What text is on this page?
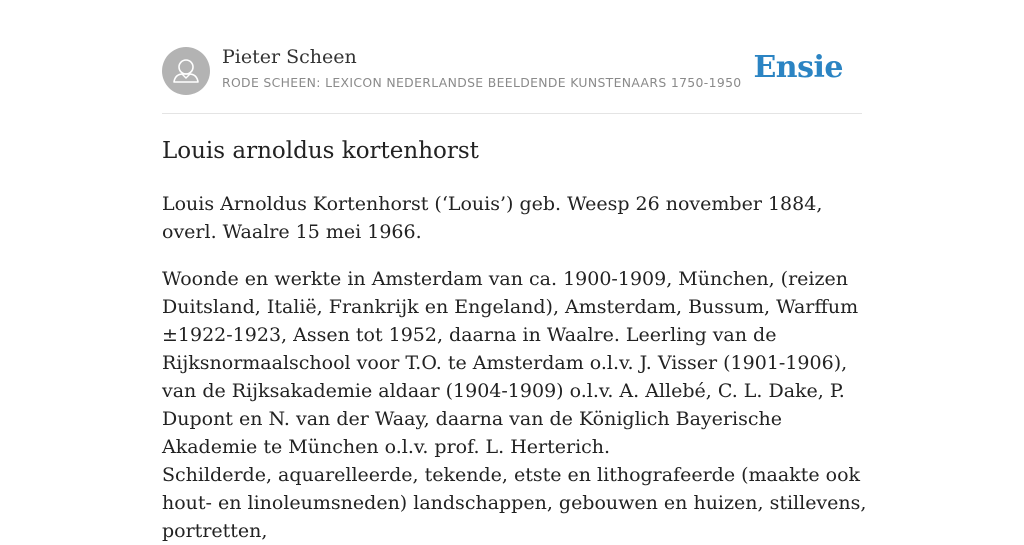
Pieter Scheen
RODE SCHEEN: LEXICON NEDERLANDSE BEELDENDE KUNSTENAARS 1750-1950 Ensie
Louis arnoldus kortenhorst

Louis Arnoldus Kortenhorst (‘Louis’) geb. Weesp 26 november 1884, overl. Waalre 15 mei 1966.

Woonde en werkte in Amsterdam van ca. 1900-1909, München, (reizen Duitsland, Italië, Frankrijk en Engeland), Amsterdam, Bussum, Warffum ±1922-1923, Assen tot 1952, daarna in Waalre. Leerling van de Rijksnormaalschool voor T.O. te Amsterdam o.l.v. J. Visser (1901-1906), van de Rijksakademie aldaar (1904-1909) o.l.v. A. Allebé, C. L. Dake, P. Dupont en N. van der Waay, daarna van de Königlich Bayerische Akademie te München o.l.v. prof. L. Herterich.

Schilderde, aquarelleerde, tekende, etste en lithografeerde (maakte ook hout- en linoleumsneden) landschappen, gebouwen en huizen, stillevens, portretten,
